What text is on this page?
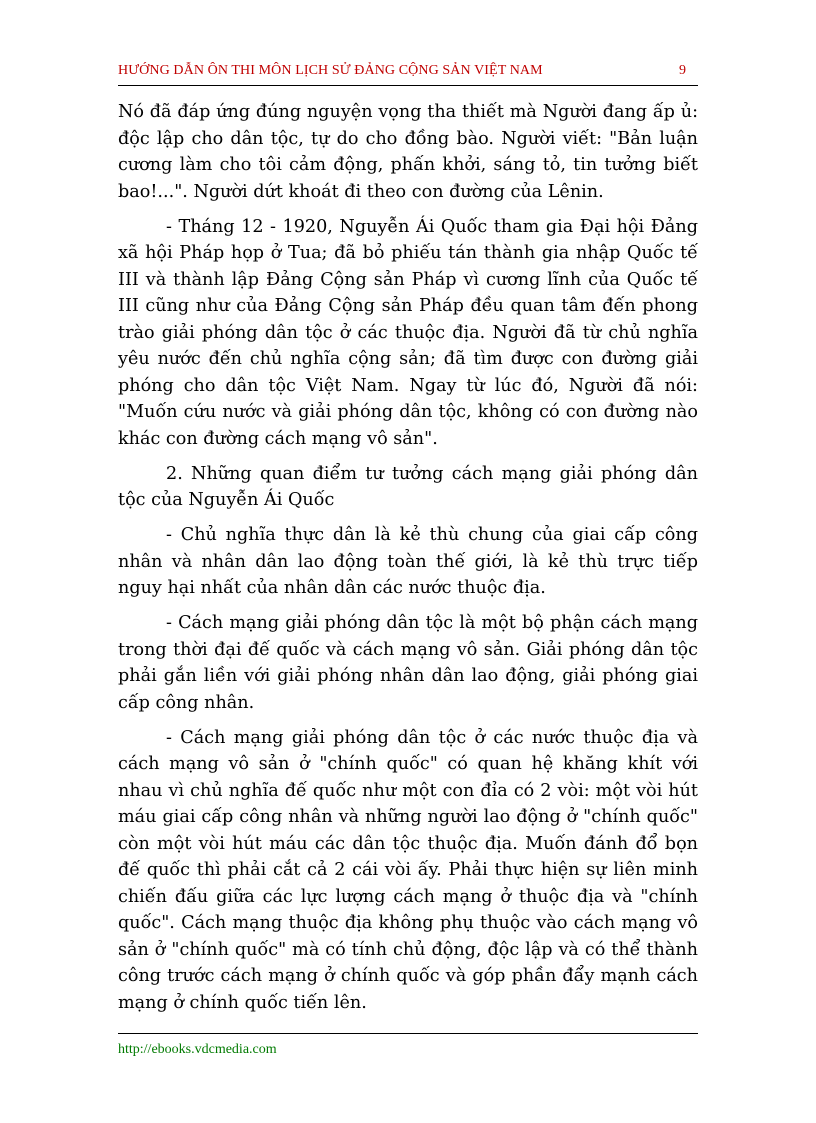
HƯỚNG DẪN ÔN THI MÔN LỊCH SỬ ĐẢNG CỘNG SẢN VIỆT NAM	9

Nó đã đáp ứng đúng nguyện vọng tha thiết mà Người đang ấp ủ: độc lập cho dân tộc, tự do cho đồng bào. Người viết: "Bản luận cương làm cho tôi cảm động, phấn khởi, sáng tỏ, tin tưởng biết bao!...". Người dứt khoát đi theo con đường của Lênin.

- Tháng 12 - 1920, Nguyễn Ái Quốc tham gia Đại hội Đảng xã hội Pháp họp ở Tua; đã bỏ phiếu tán thành gia nhập Quốc tế III và thành lập Đảng Cộng sản Pháp vì cương lĩnh của Quốc tế III cũng như của Đảng Cộng sản Pháp đều quan tâm đến phong trào giải phóng dân tộc ở các thuộc địa. Người đã từ chủ nghĩa yêu nước đến chủ nghĩa cộng sản; đã tìm được con đường giải phóng cho dân tộc Việt Nam. Ngay từ lúc đó, Người đã nói: "Muốn cứu nước và giải phóng dân tộc, không có con đường nào khác con đường cách mạng vô sản".

2. Những quan điểm tư tưởng cách mạng giải phóng dân tộc của Nguyễn Ái Quốc

- Chủ nghĩa thực dân là kẻ thù chung của giai cấp công nhân và nhân dân lao động toàn thế giới, là kẻ thù trực tiếp nguy hại nhất của nhân dân các nước thuộc địa.

- Cách mạng giải phóng dân tộc là một bộ phận cách mạng trong thời đại đế quốc và cách mạng vô sản. Giải phóng dân tộc phải gắn liền với giải phóng nhân dân lao động, giải phóng giai cấp công nhân.

- Cách mạng giải phóng dân tộc ở các nước thuộc địa và cách mạng vô sản ở "chính quốc" có quan hệ khăng khít với nhau vì chủ nghĩa đế quốc như một con đỉa có 2 vòi: một vòi hút máu giai cấp công nhân và những người lao động ở "chính quốc" còn một vòi hút máu các dân tộc thuộc địa. Muốn đánh đổ bọn đế quốc thì phải cắt cả 2 cái vòi ấy. Phải thực hiện sự liên minh chiến đấu giữa các lực lượng cách mạng ở thuộc địa và "chính quốc". Cách mạng thuộc địa không phụ thuộc vào cách mạng vô sản ở "chính quốc" mà có tính chủ động, độc lập và có thể thành công trước cách mạng ở chính quốc và góp phần đẩy mạnh cách mạng ở chính quốc tiến lên.

http://ebooks.vdcmedia.com
